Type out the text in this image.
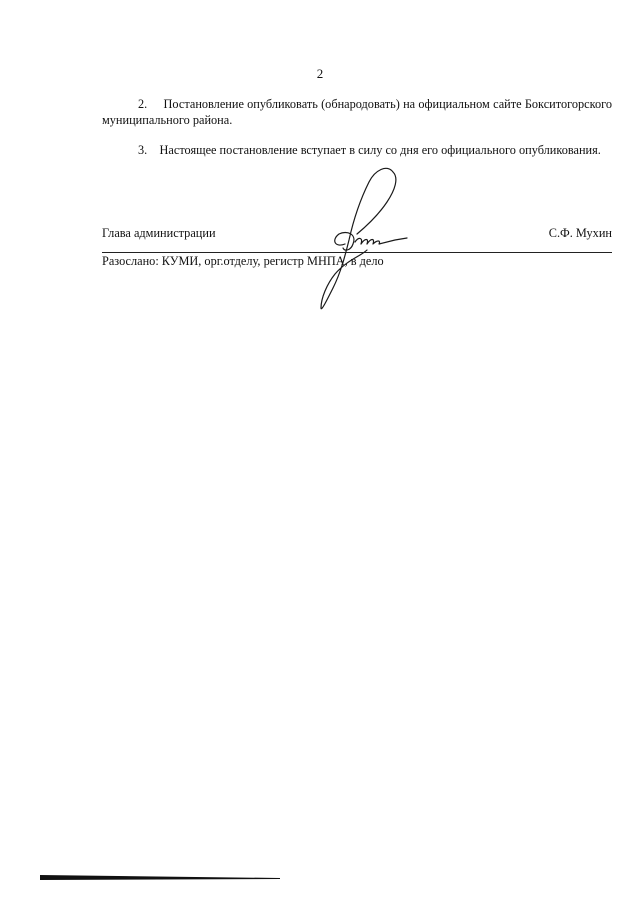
2

2.     Постановление опубликовать (обнародовать) на официальном сайте Бокситогорского муниципального района.

3.    Настоящее постановление вступает в силу со дня его официального опубликования.

Глава администрации	С.Ф. Мухин
Разослано: КУМИ, орг.отделу, регистр МНПА, в дело
